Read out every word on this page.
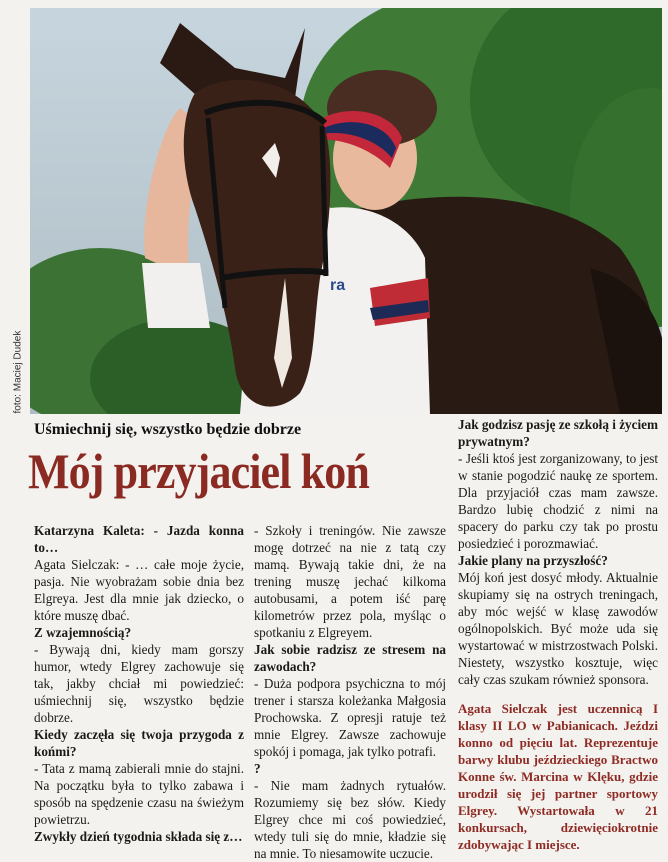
ra
foto: Maciej Dudek
Uśmiechnij się, wszystko będzie dobrze
Mój przyjaciel koń

Katarzyna Kaleta: - Jazda konna to…

Agata Sielczak: - … całe moje życie, pasja. Nie wyobrażam sobie dnia bez Elgreya. Jest dla mnie jak dziecko, o które muszę dbać.

Z wzajemnością?

- Bywają dni, kiedy mam gorszy humor, wtedy Elgrey zachowuje się tak, jakby chciał mi powiedzieć: uśmiechnij się, wszystko będzie dobrze.

Kiedy zaczęła się twoja przygoda z końmi?

- Tata z mamą zabierali mnie do stajni. Na początku była to tylko zabawa i sposób na spędzenie czasu na świeżym powietrzu.

Zwykły dzień tygodnia składa się z…

- Szkoły i treningów. Nie zawsze mogę dotrzeć na nie z tatą czy mamą. Bywają takie dni, że na trening muszę jechać kilkoma autobusami, a potem iść parę kilometrów przez pola, myśląc o spotkaniu z Elgreyem.

Jak sobie radzisz ze stresem na zawodach?

- Duża podpora psychiczna to mój trener i starsza koleżanka Małgosia Prochowska. Z opresji ratuje też mnie Elgrey. Zawsze zachowuje spokój i pomaga, jak tylko potrafi.

?

- Nie mam żadnych rytuałów. Rozumiemy się bez słów. Kiedy Elgrey chce mi coś powiedzieć, wtedy tuli się do mnie, kładzie się na mnie. To niesamowite uczucie.

Jak godzisz pasję ze szkołą i życiem prywatnym?

- Jeśli ktoś jest zorganizowany, to jest w stanie pogodzić naukę ze sportem. Dla przyjaciół czas mam zawsze. Bardzo lubię chodzić z nimi na spacery do parku czy tak po prostu posiedzieć i porozmawiać.

Jakie plany na przyszłość?

Mój koń jest dosyć młody. Aktualnie skupiamy się na ostrych treningach, aby móc wejść w klasę zawodów ogólnopolskich. Być może uda się wystartować w mistrzostwach Polski. Niestety, wszystko kosztuje, więc cały czas szukam również sponsora.

Agata Sielczak jest uczennicą I klasy II LO w Pabianicach. Jeździ konno od pięciu lat. Reprezentuje barwy klubu jeździeckiego Bractwo Konne św. Marcina w Klęku, gdzie urodził się jej partner sportowy Elgrey. Wystartowała w 21 konkursach, dziewięciokrotnie zdobywając I miejsce.
